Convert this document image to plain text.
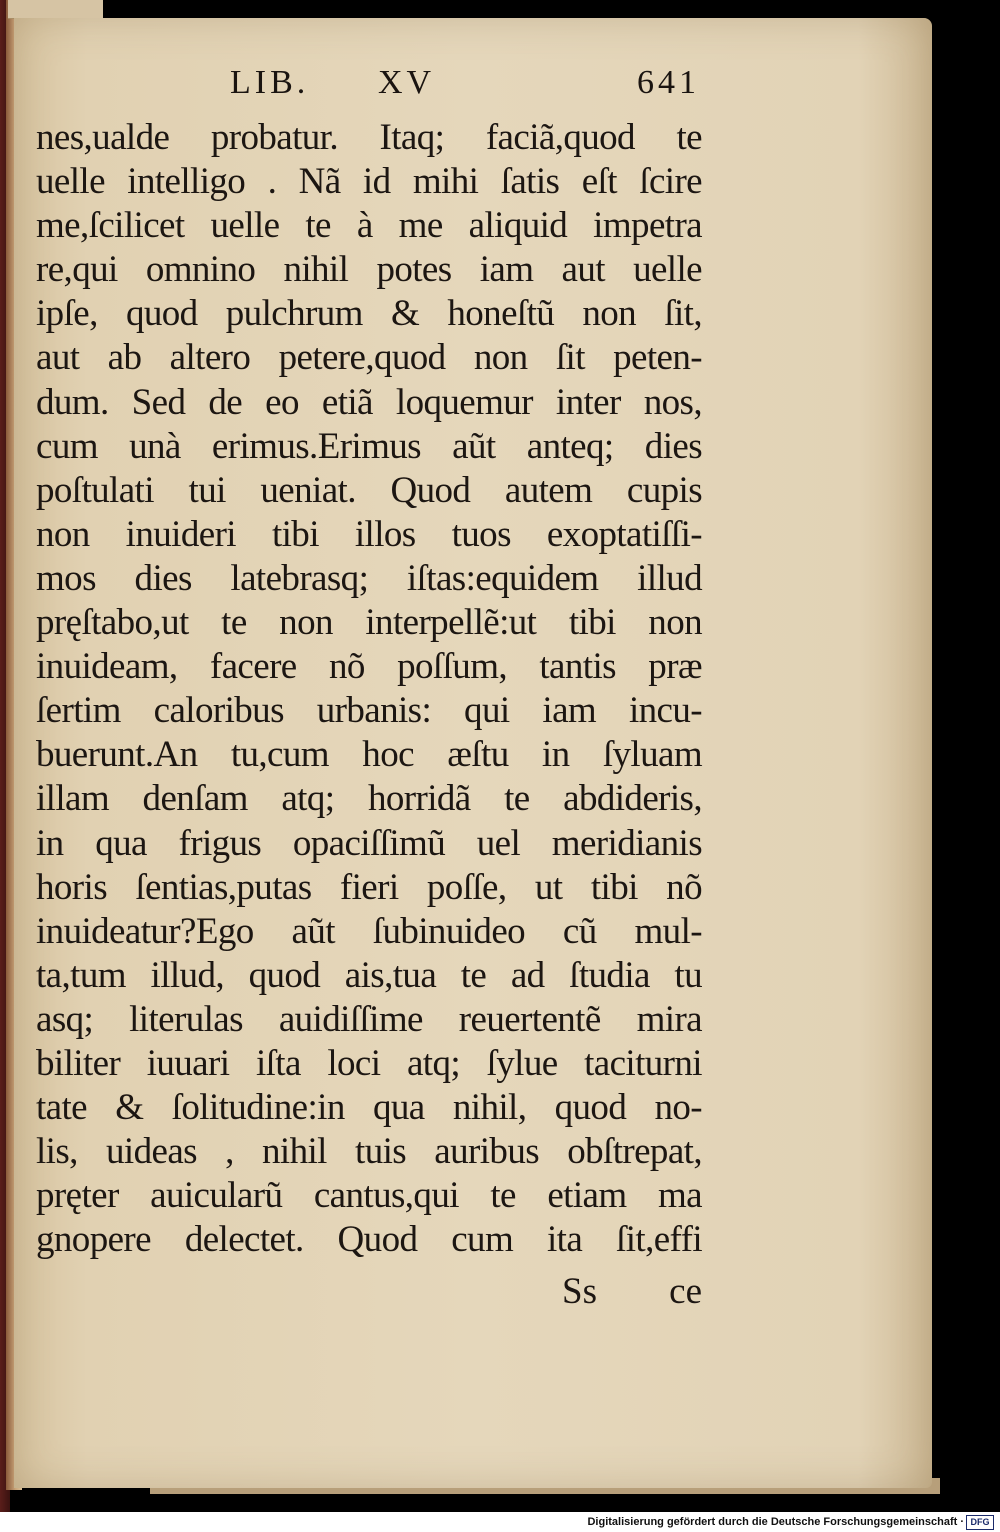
LIB. XV	641
nes,ualde probatur. Itaq; faciã,quod te
uelle intelligo . Nã id mihi ſatis eſt ſcire
me,ſcilicet uelle te à me aliquid impetra
re,qui omnino nihil potes iam aut uelle
ipſe, quod pulchrum & honeſtũ non ſit,
aut ab altero petere,quod non ſit peten-
dum. Sed de eo etiã loquemur inter nos,
cum unà erimus.Erimus aũt anteq; dies
poſtulati tui ueniat. Quod autem cupis
non inuideri tibi illos tuos exoptatiſſi-
mos dies latebrasq; iſtas:equidem illud
pręſtabo,ut te non interpellẽ:ut tibi non
inuideam, facere nõ poſſum, tantis præ
ſertim caloribus urbanis: qui iam incu-
buerunt.An tu,cum hoc æſtu in ſyluam
illam denſam atq; horridã te abdideris,
in qua frigus opaciſſimũ uel meridianis
horis ſentias,putas fieri poſſe, ut tibi nõ
inuideatur?Ego aũt ſubinuideo cũ mul-
ta,tum illud, quod ais,tua te ad ſtudia tu
asq; literulas auidiſſime reuertentẽ mira
biliter iuuari iſta loci atq; ſylue taciturni
tate & ſolitudine:in qua nihil, quod no-
lis, uideas , nihil tuis auribus obſtrepat,
pręter auicularũ cantus,qui te etiam ma
gnopere delectet. Quod cum ita ſit,effi
Ss ce
Digitalisierung gefördert durch die Deutsche Forschungsgemeinschaft · DFG
